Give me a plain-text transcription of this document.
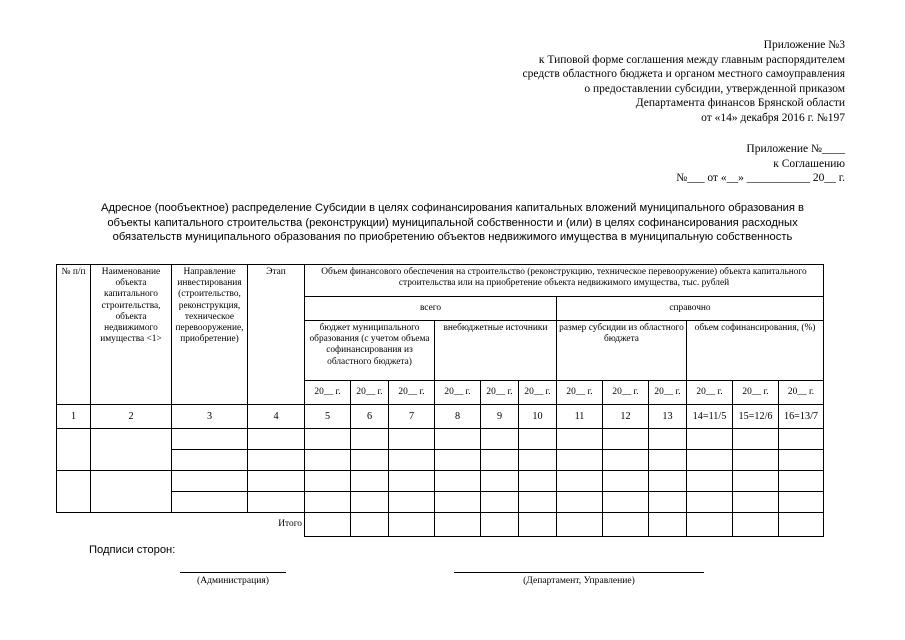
Приложение №3
к Типовой форме соглашения между главным распорядителем
средств областного бюджета и органом местного самоуправления
о предоставлении субсидии, утвержденной приказом
Департамента финансов Брянской области
от «14» декабря 2016 г. №197
Приложение №____
к Соглашению
№___ от «__» ___________ 20__ г.
Адресное (пообъектное) распределение Субсидии в целях софинансирования капитальных вложений муниципального образования в
объекты капитального строительства (реконструкции) муниципальной собственности и (или) в целях софинансирования расходных
обязательств муниципального образования по приобретению объектов недвижимого имущества в муниципальную собственность
№ п/п	Наименование объекта капитального строительства, объекта недвижимого имущества <1>	Направление инвестирования (строительство, реконструкция, техническое перевооружение, приобретение)	Этап	Объем финансового обеспечения на строительство (реконструкцию, техническое перевооружение) объекта капитального строительства или на приобретение объекта недвижимого имущества, тыс. рублей											
				всего						справочно					
				бюджет муниципального образования (с учетом объема софинансирования из областного бюджета)			внебюджетные источники			размер субсидии из областного бюджета			объем софинансирования, (%)		
				20__ г.	20__ г.	20__ г.	20__ г.	20__ г.	20__ г.	20__ г.	20__ г.	20__ г.	20__ г.	20__ г.	20__ г.
1	2	3	4	5	6	7	8	9	10	11	12	13	14=11/5	15=12/6	16=13/7

			Итого												
Подписи сторон:
(Администрация)	(Департамент, Управление)
